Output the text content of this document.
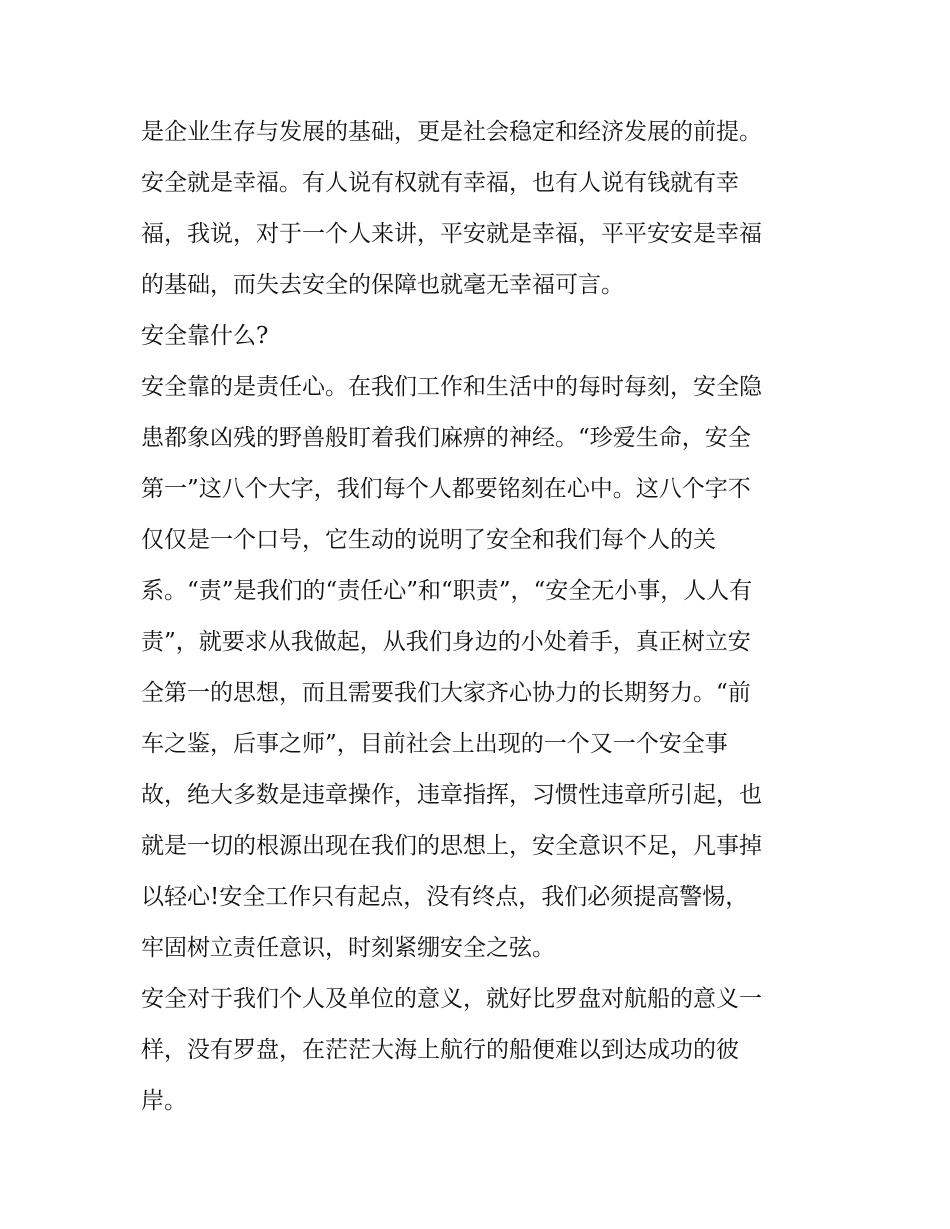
是企业生存与发展的基础，更是社会稳定和经济发展的前提。
安全就是幸福。有人说有权就有幸福，也有人说有钱就有幸
福，我说，对于一个人来讲，平安就是幸福，平平安安是幸福
的基础，而失去安全的保障也就毫无幸福可言。
安全靠什么?
安全靠的是责任心。在我们工作和生活中的每时每刻，安全隐
患都象凶残的野兽般盯着我们麻痹的神经。“珍爱生命，安全
第一”这八个大字，我们每个人都要铭刻在心中。这八个字不
仅仅是一个口号，它生动的说明了安全和我们每个人的关
系。“责”是我们的“责任心”和“职责”，“安全无小事，人人有
责”，就要求从我做起，从我们身边的小处着手，真正树立安
全第一的思想，而且需要我们大家齐心协力的长期努力。“前
车之鉴，后事之师”，目前社会上出现的一个又一个安全事
故，绝大多数是违章操作，违章指挥，习惯性违章所引起，也
就是一切的根源出现在我们的思想上，安全意识不足，凡事掉
以轻心!安全工作只有起点，没有终点，我们必须提高警惕，
牢固树立责任意识，时刻紧绷安全之弦。
安全对于我们个人及单位的意义，就好比罗盘对航船的意义一
样，没有罗盘，在茫茫大海上航行的船便难以到达成功的彼
岸。
